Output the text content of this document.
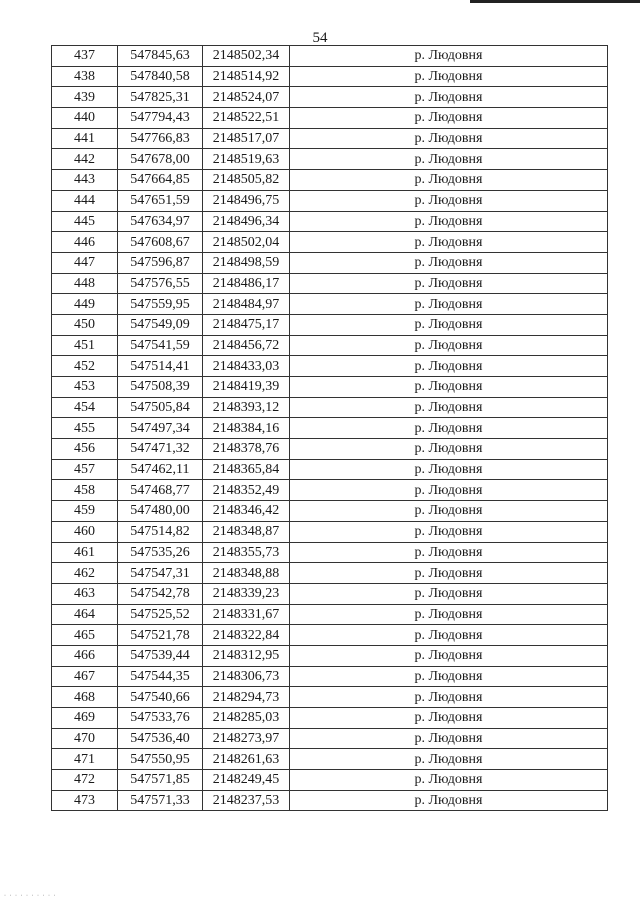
54
437	547845,63	2148502,34	р. Людовня
438	547840,58	2148514,92	р. Людовня
439	547825,31	2148524,07	р. Людовня
440	547794,43	2148522,51	р. Людовня
441	547766,83	2148517,07	р. Людовня
442	547678,00	2148519,63	р. Людовня
443	547664,85	2148505,82	р. Людовня
444	547651,59	2148496,75	р. Людовня
445	547634,97	2148496,34	р. Людовня
446	547608,67	2148502,04	р. Людовня
447	547596,87	2148498,59	р. Людовня
448	547576,55	2148486,17	р. Людовня
449	547559,95	2148484,97	р. Людовня
450	547549,09	2148475,17	р. Людовня
451	547541,59	2148456,72	р. Людовня
452	547514,41	2148433,03	р. Людовня
453	547508,39	2148419,39	р. Людовня
454	547505,84	2148393,12	р. Людовня
455	547497,34	2148384,16	р. Людовня
456	547471,32	2148378,76	р. Людовня
457	547462,11	2148365,84	р. Людовня
458	547468,77	2148352,49	р. Людовня
459	547480,00	2148346,42	р. Людовня
460	547514,82	2148348,87	р. Людовня
461	547535,26	2148355,73	р. Людовня
462	547547,31	2148348,88	р. Людовня
463	547542,78	2148339,23	р. Людовня
464	547525,52	2148331,67	р. Людовня
465	547521,78	2148322,84	р. Людовня
466	547539,44	2148312,95	р. Людовня
467	547544,35	2148306,73	р. Людовня
468	547540,66	2148294,73	р. Людовня
469	547533,76	2148285,03	р. Людовня
470	547536,40	2148273,97	р. Людовня
471	547550,95	2148261,63	р. Людовня
472	547571,85	2148249,45	р. Людовня
473	547571,33	2148237,53	р. Людовня
· · · · · · · · · ·
